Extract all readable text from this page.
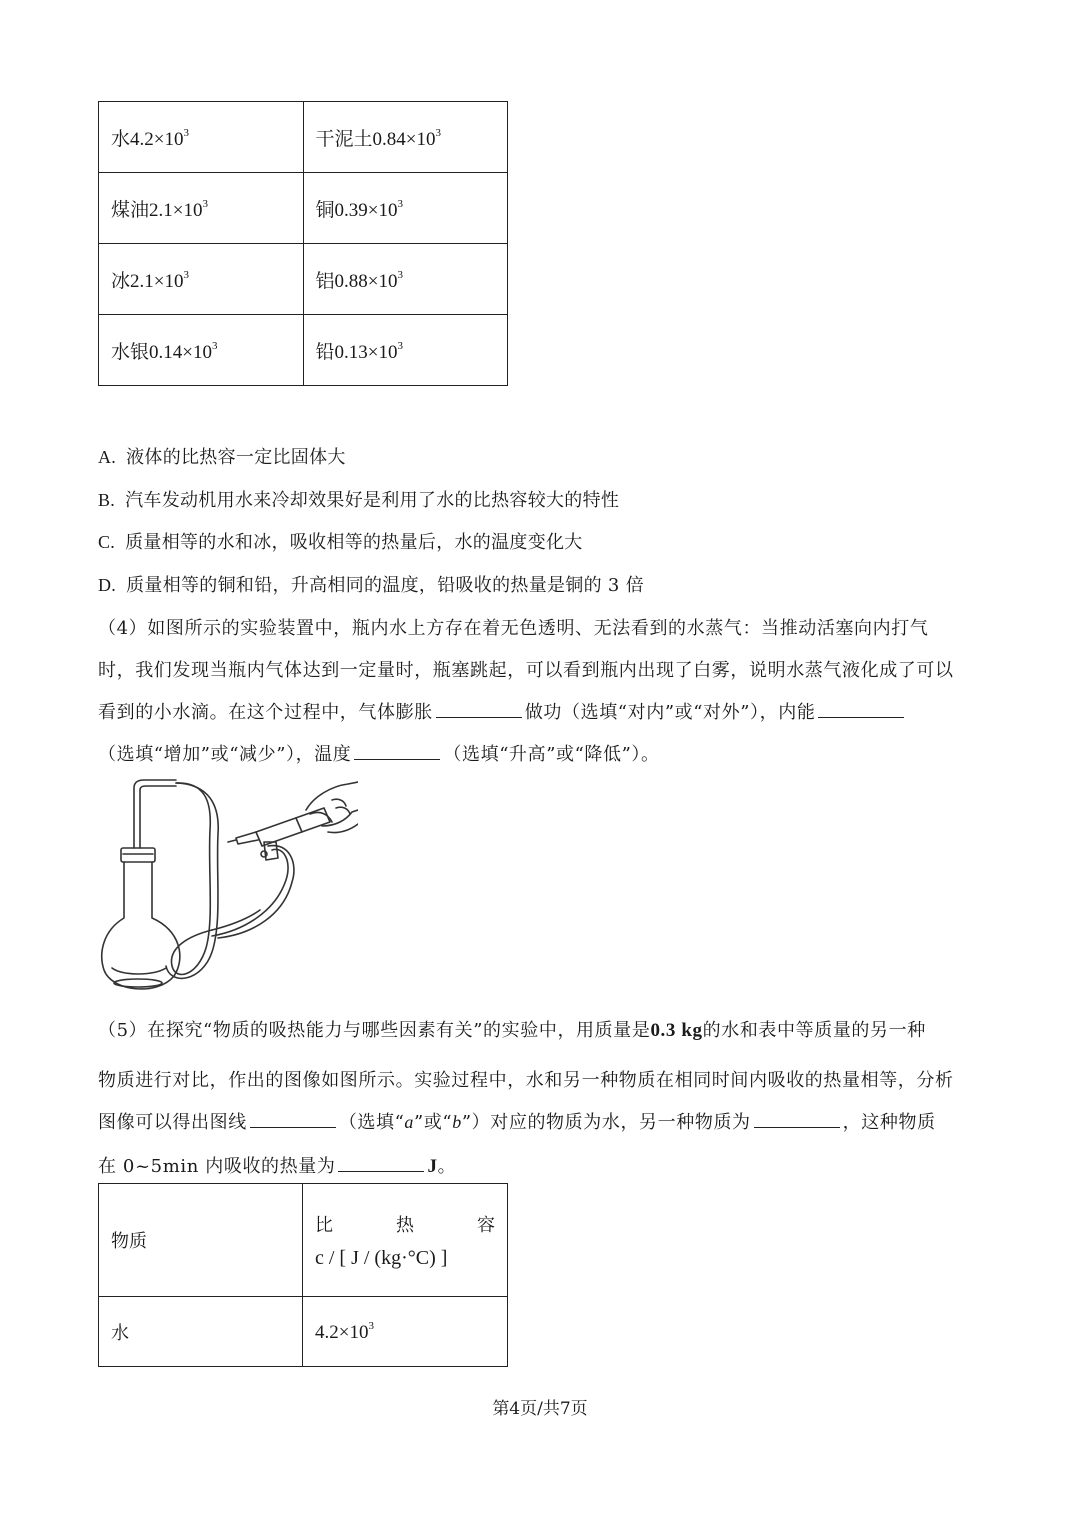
水$4.2\times 10^3$	干泥土$0.84\times 10^3$
煤油$2.1\times 10^3$	铜$0.39\times 10^3$
冰$2.1\times 10^3$	铝$0.88\times 10^3$
水银$0.14\times 10^3$	铅$0.13\times 10^3$
A. 液体的比热容一定比固体大
B. 汽车发动机用水来冷却效果好是利用了水的比热容较大的特性
C. 质量相等的水和冰，吸收相等的热量后，水的温度变化大
D. 质量相等的铜和铅，升高相同的温度，铅吸收的热量是铜的 3 倍
（4）如图所示的实验装置中，瓶内水上方存在着无色透明、无法看到的水蒸气：当推动活塞向内打气
时，我们发现当瓶内气体达到一定量时，瓶塞跳起，可以看到瓶内出现了白雾，说明水蒸气液化成了可以
看到的小水滴。在这个过程中，气体膨胀	做功（选填“对内”或“对外”），内能
（选填“增加”或“减少”），温度	（选填“升高”或“降低”）。
（5）在探究“物质的吸热能力与哪些因素有关”的实验中，用质量是0.3 kg的水和表中等质量的另一种
物质进行对比，作出的图像如图所示。实验过程中，水和另一种物质在相同时间内吸收的热量相等，分析
图像可以得出图线	（选填“a”或“b”）对应的物质为水，另一种物质为	，这种物质
在 0~5min 内吸收的热量为	J。
物质	比 热 容
c / [ J / (kg·°C) ]

水	$4.2\times 10^3$
第4页/共7页
